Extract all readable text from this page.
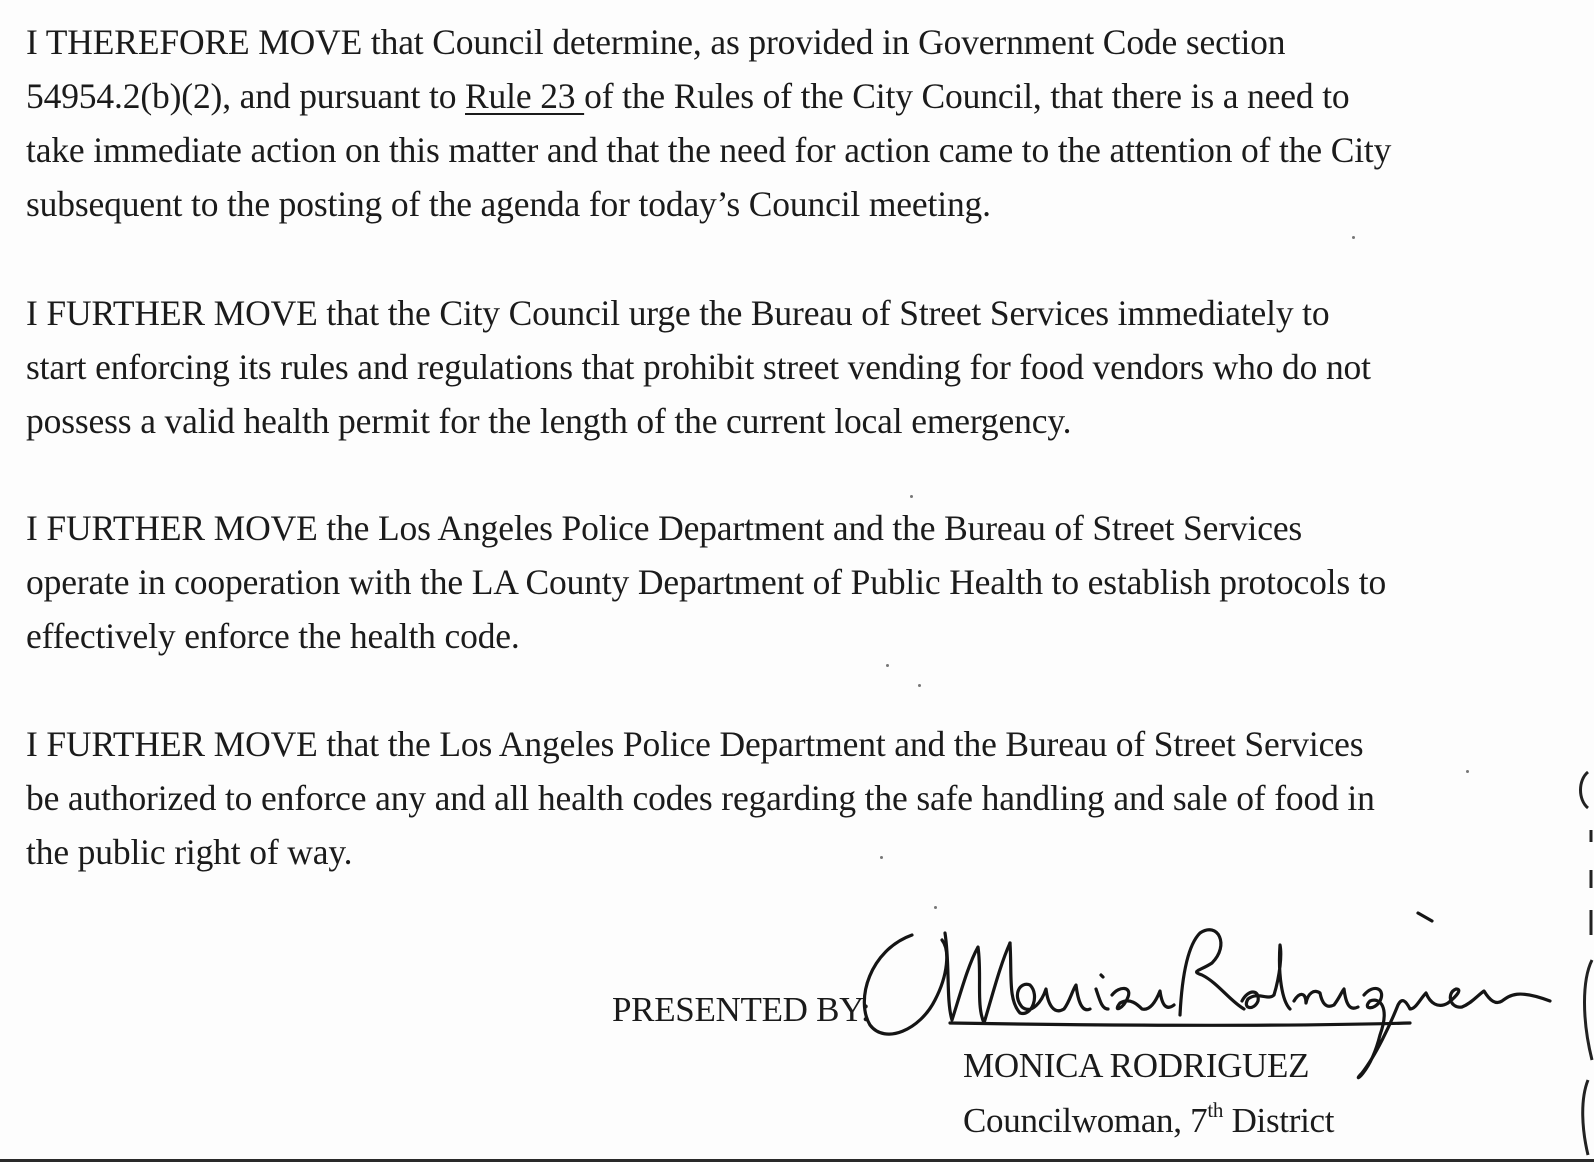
I THEREFORE MOVE that Council determine, as provided in Government Code section
54954.2(b)(2), and pursuant to Rule 23 of the Rules of the City Council, that there is a need to
take immediate action on this matter and that the need for action came to the attention of the City
subsequent to the posting of the agenda for today’s Council meeting.

I FURTHER MOVE that the City Council urge the Bureau of Street Services immediately to
start enforcing its rules and regulations that prohibit street vending for food vendors who do not
possess a valid health permit for the length of the current local emergency.

I FURTHER MOVE the Los Angeles Police Department and the Bureau of Street Services
operate in cooperation with the LA County Department of Public Health to establish protocols to
effectively enforce the health code.

I FURTHER MOVE that the Los Angeles Police Department and the Bureau of Street Services
be authorized to enforce any and all health codes regarding the safe handling and sale of food in
the public right of way.

PRESENTED BY:
MONICA RODRIGUEZ
Councilwoman, 7th District
